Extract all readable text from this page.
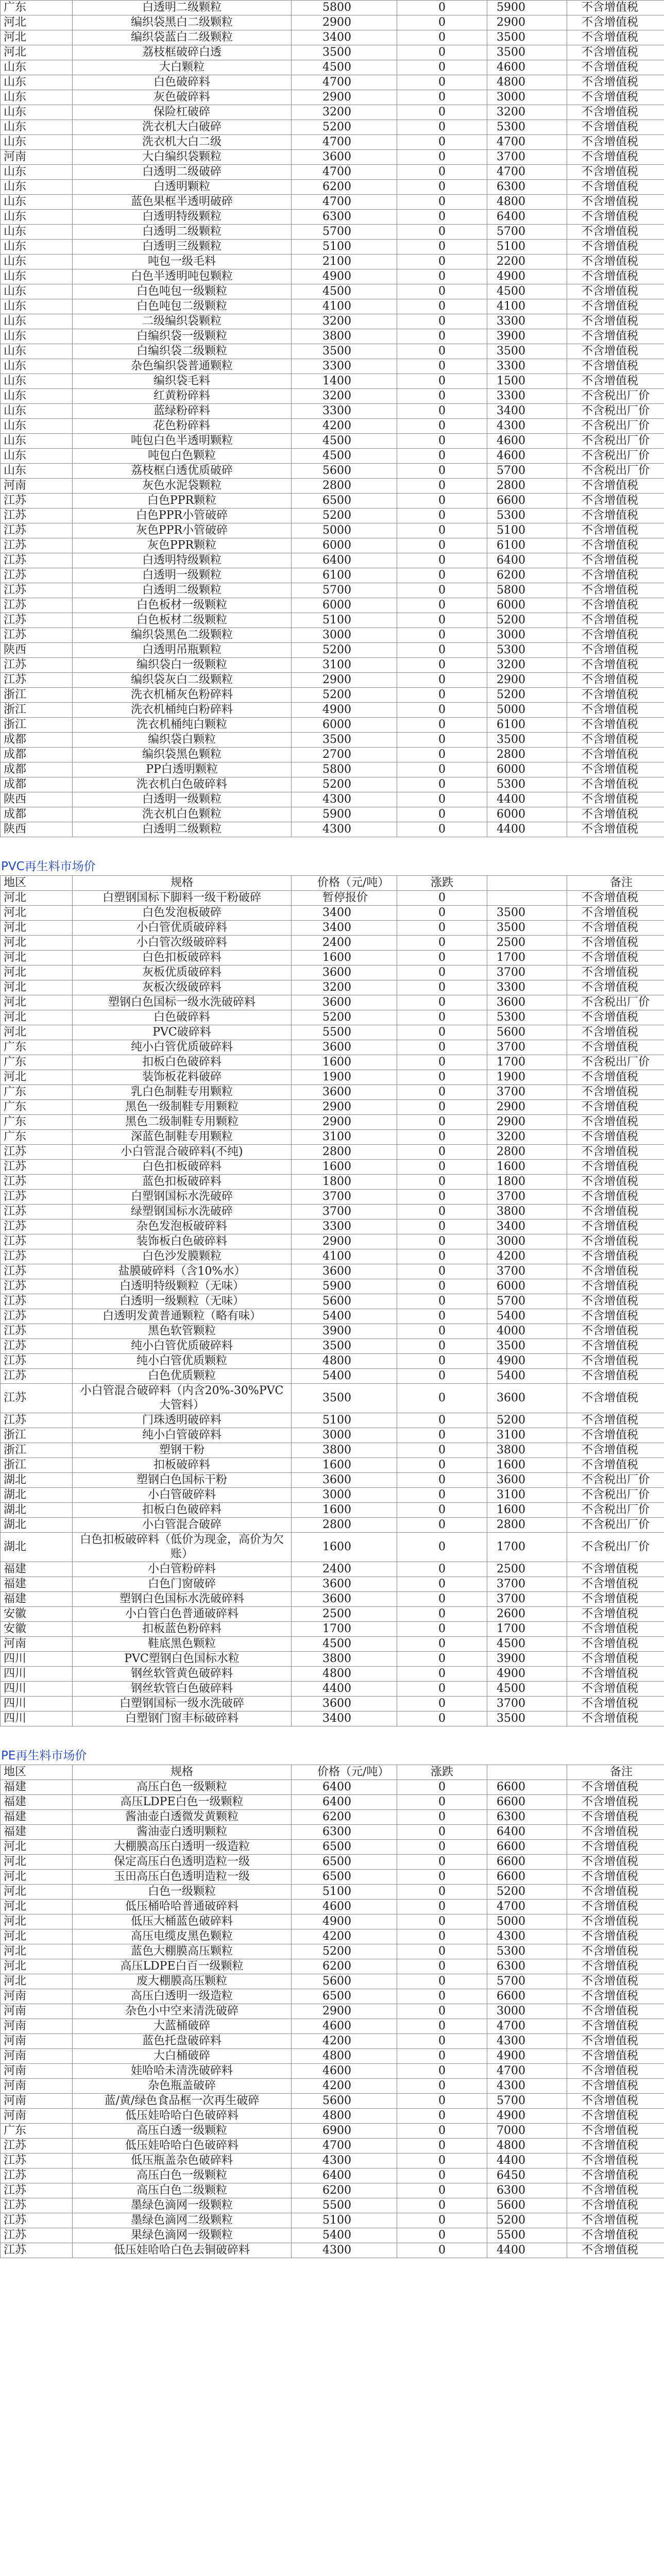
广东	白透明二级颗粒	5800	0	5900	不含增值税
河北	编织袋黑白二级颗粒	2900	0	2900	不含增值税
河北	编织袋蓝白二级颗粒	3400	0	3500	不含增值税
河北	荔枝框破碎白透	3500	0	3500	不含增值税
山东	大白颗粒	4500	0	4600	不含增值税
山东	白色破碎料	4700	0	4800	不含增值税
山东	灰色破碎料	2900	0	3000	不含增值税
山东	保险杠破碎	3200	0	3200	不含增值税
山东	洗衣机大白破碎	5200	0	5300	不含增值税
山东	洗衣机大白二级	4700	0	4700	不含增值税
河南	大白编织袋颗粒	3600	0	3700	不含增值税
山东	白透明二级破碎	4700	0	4700	不含增值税
山东	白透明颗粒	6200	0	6300	不含增值税
山东	蓝色果框半透明破碎	4700	0	4800	不含增值税
山东	白透明特级颗粒	6300	0	6400	不含增值税
山东	白透明二级颗粒	5700	0	5700	不含增值税
山东	白透明三级颗粒	5100	0	5100	不含增值税
山东	吨包一级毛料	2100	0	2200	不含增值税
山东	白色半透明吨包颗粒	4900	0	4900	不含增值税
山东	白色吨包一级颗粒	4500	0	4500	不含增值税
山东	白色吨包二级颗粒	4100	0	4100	不含增值税
山东	二级编织袋颗粒	3200	0	3300	不含增值税
山东	白编织袋一级颗粒	3800	0	3900	不含增值税
山东	白编织袋二级颗粒	3500	0	3500	不含增值税
山东	杂色编织袋普通颗粒	3300	0	3300	不含增值税
山东	编织袋毛料	1400	0	1500	不含增值税
山东	红黄粉碎料	3200	0	3300	不含税出厂价
山东	蓝绿粉碎料	3300	0	3400	不含税出厂价
山东	花色粉碎料	4200	0	4300	不含税出厂价
山东	吨包白色半透明颗粒	4500	0	4600	不含税出厂价
山东	吨包白色颗粒	4500	0	4600	不含税出厂价
山东	荔枝框白透优质破碎	5600	0	5700	不含税出厂价
河南	灰色水泥袋颗粒	2800	0	2800	不含增值税
江苏	白色PPR颗粒	6500	0	6600	不含增值税
江苏	白色PPR小管破碎	5200	0	5300	不含增值税
江苏	灰色PPR小管破碎	5000	0	5100	不含增值税
江苏	灰色PPR颗粒	6000	0	6100	不含增值税
江苏	白透明特级颗粒	6400	0	6400	不含增值税
江苏	白透明一级颗粒	6100	0	6200	不含增值税
江苏	白透明二级颗粒	5700	0	5800	不含增值税
江苏	白色板材一级颗粒	6000	0	6000	不含增值税
江苏	白色板材二级颗粒	5100	0	5200	不含增值税
江苏	编织袋黑色二级颗粒	3000	0	3000	不含增值税
陕西	白透明吊瓶颗粒	5200	0	5300	不含增值税
江苏	编织袋白一级颗粒	3100	0	3200	不含增值税
江苏	编织袋灰白二级颗粒	2900	0	2900	不含增值税
浙江	洗衣机桶灰色粉碎料	5200	0	5200	不含增值税
浙江	洗衣机桶纯白粉碎料	4900	0	5000	不含增值税
浙江	洗衣机桶纯白颗粒	6000	0	6100	不含增值税
成都	编织袋白颗粒	3500	0	3500	不含增值税
成都	编织袋黑色颗粒	2700	0	2800	不含增值税
成都	PP白透明颗粒	5800	0	6000	不含增值税
成都	洗衣机白色破碎料	5200	0	5300	不含增值税
陕西	白透明一级颗粒	4300	0	4400	不含增值税
成都	洗衣机白色颗粒	5900	0	6000	不含增值税
陕西	白透明二级颗粒	4300	0	4400	不含增值税
PVC再生料市场价
地区	规格	价格（元/吨）	涨跌		备注
河北	白塑钢国标下脚料一级干粉破碎	暂停报价	0		不含增值税
河北	白色发泡板破碎	3400	0	3500	不含增值税
河北	小白管优质破碎料	3400	0	3500	不含增值税
河北	小白管次级破碎料	2400	0	2500	不含增值税
河北	白色扣板破碎料	1600	0	1700	不含增值税
河北	灰板优质破碎料	3600	0	3700	不含增值税
河北	灰板次级破碎料	3200	0	3300	不含增值税
河北	塑钢白色国标一级水洗破碎料	3600	0	3600	不含税出厂价
河北	白色破碎料	5200	0	5300	不含增值税
河北	PVC破碎料	5500	0	5600	不含增值税
广东	纯小白管优质破碎料	3600	0	3700	不含增值税
广东	扣板白色破碎料	1600	0	1700	不含税出厂价
河北	装饰板花料破碎	1900	0	1900	不含增值税
广东	乳白色制鞋专用颗粒	3600	0	3700	不含增值税
广东	黑色一级制鞋专用颗粒	2900	0	2900	不含增值税
广东	黑色二级制鞋专用颗粒	2900	0	2900	不含增值税
广东	深蓝色制鞋专用颗粒	3100	0	3200	不含增值税
江苏	小白管混合破碎料(不纯)	2800	0	2800	不含增值税
江苏	白色扣板破碎料	1600	0	1600	不含增值税
江苏	蓝色扣板破碎料	1800	0	1800	不含增值税
江苏	白塑钢国标水洗破碎	3700	0	3700	不含增值税
江苏	绿塑钢国标水洗破碎	3700	0	3800	不含增值税
江苏	杂色发泡板破碎料	3300	0	3400	不含增值税
江苏	装饰板白色破碎料	2900	0	3000	不含增值税
江苏	白色沙发膜颗粒	4100	0	4200	不含增值税
江苏	盐膜破碎料（含10%水）	3600	0	3700	不含增值税
江苏	白透明特级颗粒（无味）	5900	0	6000	不含增值税
江苏	白透明一级颗粒（无味）	5600	0	5700	不含增值税
江苏	白透明发黄普通颗粒（略有味）	5400	0	5400	不含增值税
江苏	黑色软管颗粒	3900	0	4000	不含增值税
江苏	纯小白管优质破碎料	3500	0	3500	不含增值税
江苏	纯小白管优质颗粒	4800	0	4900	不含增值税
江苏	白色优质颗粒	5400	0	5400	不含增值税
江苏	小白管混合破碎料（内含20%-30%PVC大管料）	3500	0	3600	不含增值税
江苏	门珠透明破碎料	5100	0	5200	不含增值税
浙江	纯小白管破碎料	3000	0	3100	不含增值税
浙江	塑钢干粉	3800	0	3800	不含增值税
浙江	扣板破碎料	1600	0	1600	不含增值税
湖北	塑钢白色国标干粉	3600	0	3600	不含税出厂价
湖北	小白管破碎料	3000	0	3100	不含税出厂价
湖北	扣板白色破碎料	1600	0	1600	不含税出厂价
湖北	小白管混合破碎	2800	0	2800	不含税出厂价
湖北	白色扣板破碎料（低价为现金，高价为欠账）	1600	0	1700	不含税出厂价
福建	小白管粉碎料	2400	0	2500	不含增值税
福建	白色门窗破碎	3600	0	3700	不含增值税
福建	塑钢白色国标水洗破碎料	3600	0	3700	不含增值税
安徽	小白管白色普通破碎料	2500	0	2600	不含增值税
安徽	扣板蓝色粉碎料	1700	0	1700	不含增值税
河南	鞋底黑色颗粒	4500	0	4500	不含增值税
四川	PVC塑钢白色国标水粒	3800	0	3900	不含增值税
四川	钢丝软管黄色破碎料	4800	0	4900	不含增值税
四川	钢丝软管白色破碎料	4400	0	4500	不含增值税
四川	白塑钢国标一级水洗破碎	3600	0	3700	不含增值税
四川	白塑钢门窗丰标破碎料	3400	0	3500	不含增值税
PE再生料市场价
地区	规格	价格（元/吨）	涨跌		备注
福建	高压白色一级颗粒	6400	0	6600	不含增值税
福建	高压LDPE白色一级颗粒	6400	0	6600	不含增值税
福建	酱油壶白透微发黄颗粒	6200	0	6300	不含增值税
福建	酱油壶白透明颗粒	6300	0	6400	不含增值税
河北	大棚膜高压白透明一级造粒	6500	0	6600	不含增值税
河北	保定高压白色透明造粒一级	6500	0	6600	不含增值税
河北	玉田高压白色透明造粒一级	6500	0	6600	不含增值税
河北	白色一级颗粒	5100	0	5200	不含增值税
河北	低压桶哈哈普通破碎料	4600	0	4700	不含增值税
河北	低压大桶蓝色破碎料	4900	0	5000	不含增值税
河北	高压电缆皮黑色颗粒	4200	0	4300	不含增值税
河北	蓝色大棚膜高压颗粒	5200	0	5300	不含增值税
河北	高压LDPE白百一级颗粒	6200	0	6300	不含增值税
河北	废大棚膜高压颗粒	5600	0	5700	不含增值税
河南	高压白透明一级造粒	6500	0	6600	不含增值税
河南	杂色小中空来清洗破碎	2900	0	3000	不含增值税
河南	大蓝桶破碎	4600	0	4700	不含增值税
河南	蓝色托盘破碎料	4200	0	4300	不含增值税
河南	大白桶破碎	4800	0	4900	不含增值税
河南	娃哈哈未清洗破碎料	4600	0	4700	不含增值税
河南	杂色瓶盖破碎	4200	0	4300	不含增值税
河南	蓝/黄/绿色食品框一次再生破碎	5600	0	5700	不含增值税
河南	低压娃哈哈白色破碎料	4800	0	4900	不含增值税
广东	高压白透一级颗粒	6900	0	7000	不含增值税
江苏	低压娃哈哈白色破碎料	4700	0	4800	不含增值税
江苏	低压瓶盖杂色破碎料	4300	0	4400	不含增值税
江苏	高压白色一级颗粒	6400	0	6450	不含增值税
江苏	高压白色二级颗粒	6200	0	6300	不含增值税
江苏	墨绿色滴网一级颗粒	5500	0	5600	不含增值税
江苏	墨绿色滴网二级颗粒	5100	0	5200	不含增值税
江苏	果绿色滴网一级颗粒	5400	0	5500	不含增值税
江苏	低压娃哈哈白色去铜破碎料	4300	0	4400	不含增值税
